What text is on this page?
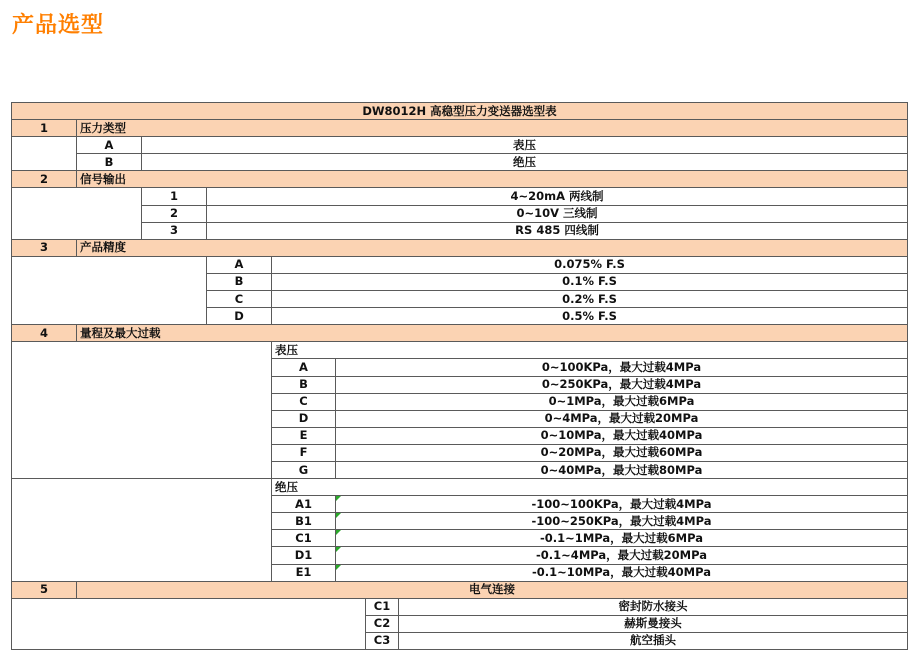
产品选型
DW8012H 高稳型压力变送器选型表							
1	压力类型						
	A	表压					
	B	绝压					
2	信号输出						
		1	4~20mA 两线制				
		2	0~10V 三线制				
		3	RS 485 四线制				
3	产品精度						
			A	0.075% F.S			
			B	0.1% F.S			
			C	0.2% F.S			
			D	0.5% F.S			
4	量程及最大过载						
				表压			
				A	0~100KPa，最大过载4MPa		
				B	0~250KPa，最大过载4MPa		
				C	0~1MPa，最大过载6MPa		
				D	0~4MPa，最大过载20MPa		
				E	0~10MPa，最大过载40MPa		
				F	0~20MPa，最大过载60MPa		
				G	0~40MPa，最大过载80MPa		
				绝压			
				A1	-100~100KPa，最大过载4MPa		
				B1	-100~250KPa，最大过载4MPa		
				C1	-0.1~1MPa，最大过载6MPa		
				D1	-0.1~4MPa，最大过载20MPa		
				E1	-0.1~10MPa，最大过载40MPa		
5	电气连接						
						C1	密封防水接头
						C2	赫斯曼接头
						C3	航空插头
